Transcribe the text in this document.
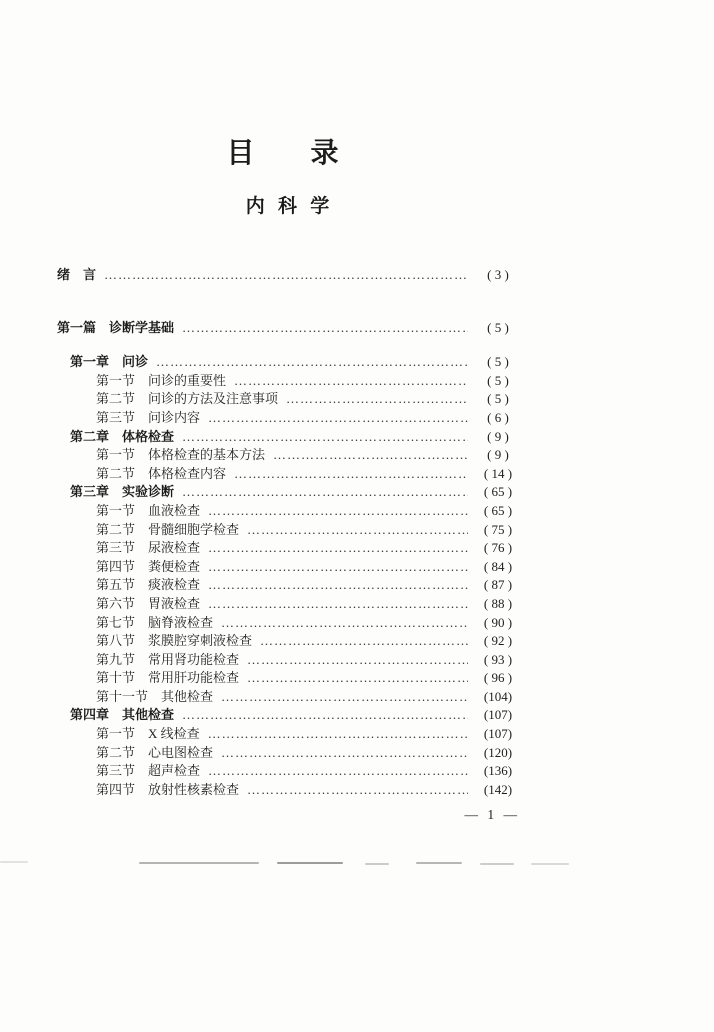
目　录
内 科 学
绪　言 ………………………………………………………………………………………………………………………………	( 3 )
第一篇　诊断学基础 ………………………………………………………………………………………………………………………………	( 5 )
第一章　问诊 ………………………………………………………………………………………………………………………………	( 5 )
第一节　问诊的重要性 ………………………………………………………………………………………………………………………………	( 5 )
第二节　问诊的方法及注意事项 ………………………………………………………………………………………………………………………………	( 5 )
第三节　问诊内容 ………………………………………………………………………………………………………………………………	( 6 )
第二章　体格检查 ………………………………………………………………………………………………………………………………	( 9 )
第一节　体格检查的基本方法 ………………………………………………………………………………………………………………………………	( 9 )
第二节　体格检查内容 ………………………………………………………………………………………………………………………………	( 14 )
第三章　实验诊断 ………………………………………………………………………………………………………………………………	( 65 )
第一节　血液检查 ………………………………………………………………………………………………………………………………	( 65 )
第二节　骨髓细胞学检查 ………………………………………………………………………………………………………………………………	( 75 )
第三节　尿液检查 ………………………………………………………………………………………………………………………………	( 76 )
第四节　粪便检查 ………………………………………………………………………………………………………………………………	( 84 )
第五节　痰液检查 ………………………………………………………………………………………………………………………………	( 87 )
第六节　胃液检查 ………………………………………………………………………………………………………………………………	( 88 )
第七节　脑脊液检查 ………………………………………………………………………………………………………………………………	( 90 )
第八节　浆膜腔穿刺液检查 ………………………………………………………………………………………………………………………………	( 92 )
第九节　常用肾功能检查 ………………………………………………………………………………………………………………………………	( 93 )
第十节　常用肝功能检查 ………………………………………………………………………………………………………………………………	( 96 )
第十一节　其他检查 ………………………………………………………………………………………………………………………………	(104)
第四章　其他检查 ………………………………………………………………………………………………………………………………	(107)
第一节　X 线检查 ………………………………………………………………………………………………………………………………	(107)
第二节　心电图检查 ………………………………………………………………………………………………………………………………	(120)
第三节　超声检查 ………………………………………………………………………………………………………………………………	(136)
第四节　放射性核素检查 ………………………………………………………………………………………………………………………………	(142)
— 1 —
